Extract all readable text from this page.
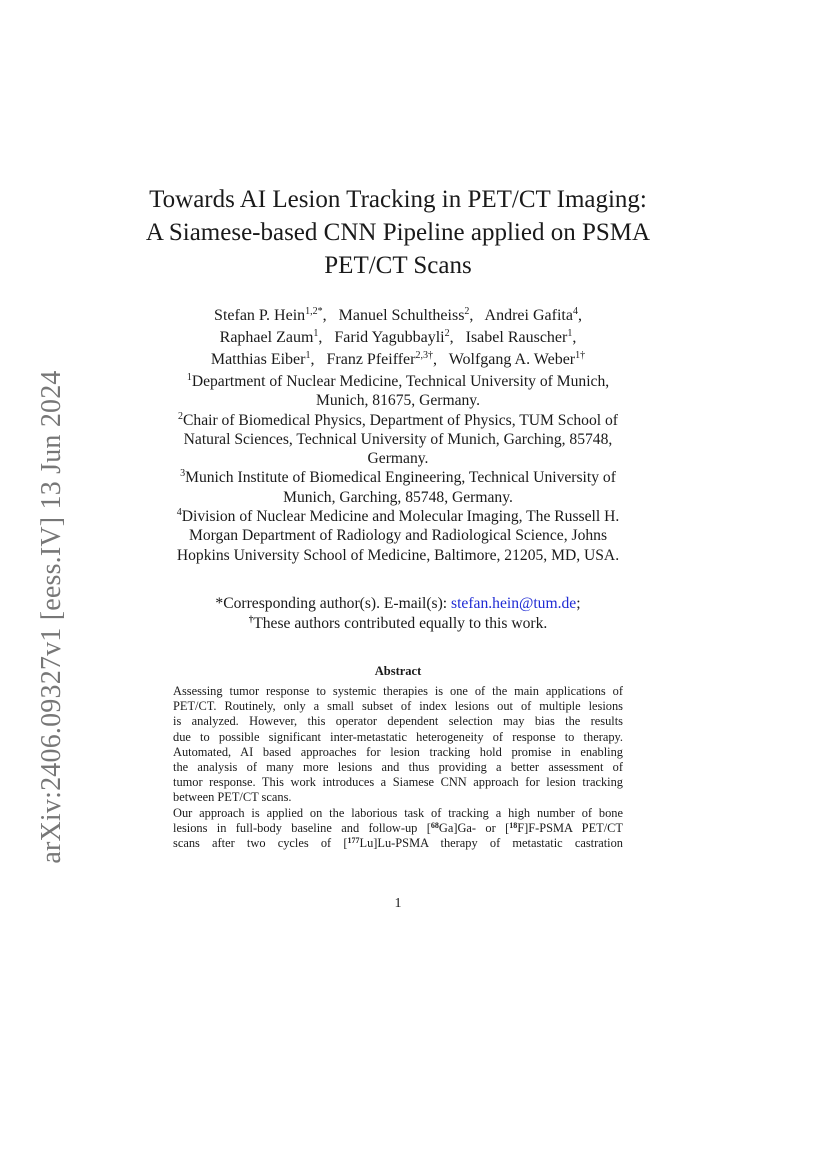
arXiv:2406.09327v1 [eess.IV] 13 Jun 2024
Towards AI Lesion Tracking in PET/CT Imaging:
A Siamese-based CNN Pipeline applied on PSMA
PET/CT Scans
Stefan P. Hein$^{1,2*}$, Manuel Schultheiss$^2$, Andrei Gafita$^4$,
Raphael Zaum$^1$, Farid Yagubbayli$^2$, Isabel Rauscher$^1$,
Matthias Eiber$^1$, Franz Pfeiffer$^{2,3\dagger}$, Wolfgang A. Weber$^{1\dagger}$
$^1$Department of Nuclear Medicine, Technical University of Munich,
Munich, 81675, Germany.
$^2$Chair of Biomedical Physics, Department of Physics, TUM School of
Natural Sciences, Technical University of Munich, Garching, 85748,
Germany.
$^3$Munich Institute of Biomedical Engineering, Technical University of
Munich, Garching, 85748, Germany.
$^4$Division of Nuclear Medicine and Molecular Imaging, The Russell H.
Morgan Department of Radiology and Radiological Science, Johns
Hopkins University School of Medicine, Baltimore, 21205, MD, USA.
*Corresponding author(s). E-mail(s): stefan.hein@tum.de;
†These authors contributed equally to this work.
Abstract
Assessing tumor response to systemic therapies is one of the main applications of
PET/CT. Routinely, only a small subset of index lesions out of multiple lesions
is analyzed. However, this operator dependent selection may bias the results
due to possible significant inter-metastatic heterogeneity of response to therapy.
Automated, AI based approaches for lesion tracking hold promise in enabling
the analysis of many more lesions and thus providing a better assessment of
tumor response. This work introduces a Siamese CNN approach for lesion tracking
between PET/CT scans.
Our approach is applied on the laborious task of tracking a high number of bone
lesions in full-body baseline and follow-up [$^{68}$Ga]Ga- or [$^{18}$F]F-PSMA PET/CT
scans after two cycles of [$^{177}$Lu]Lu-PSMA therapy of metastatic castration
1
